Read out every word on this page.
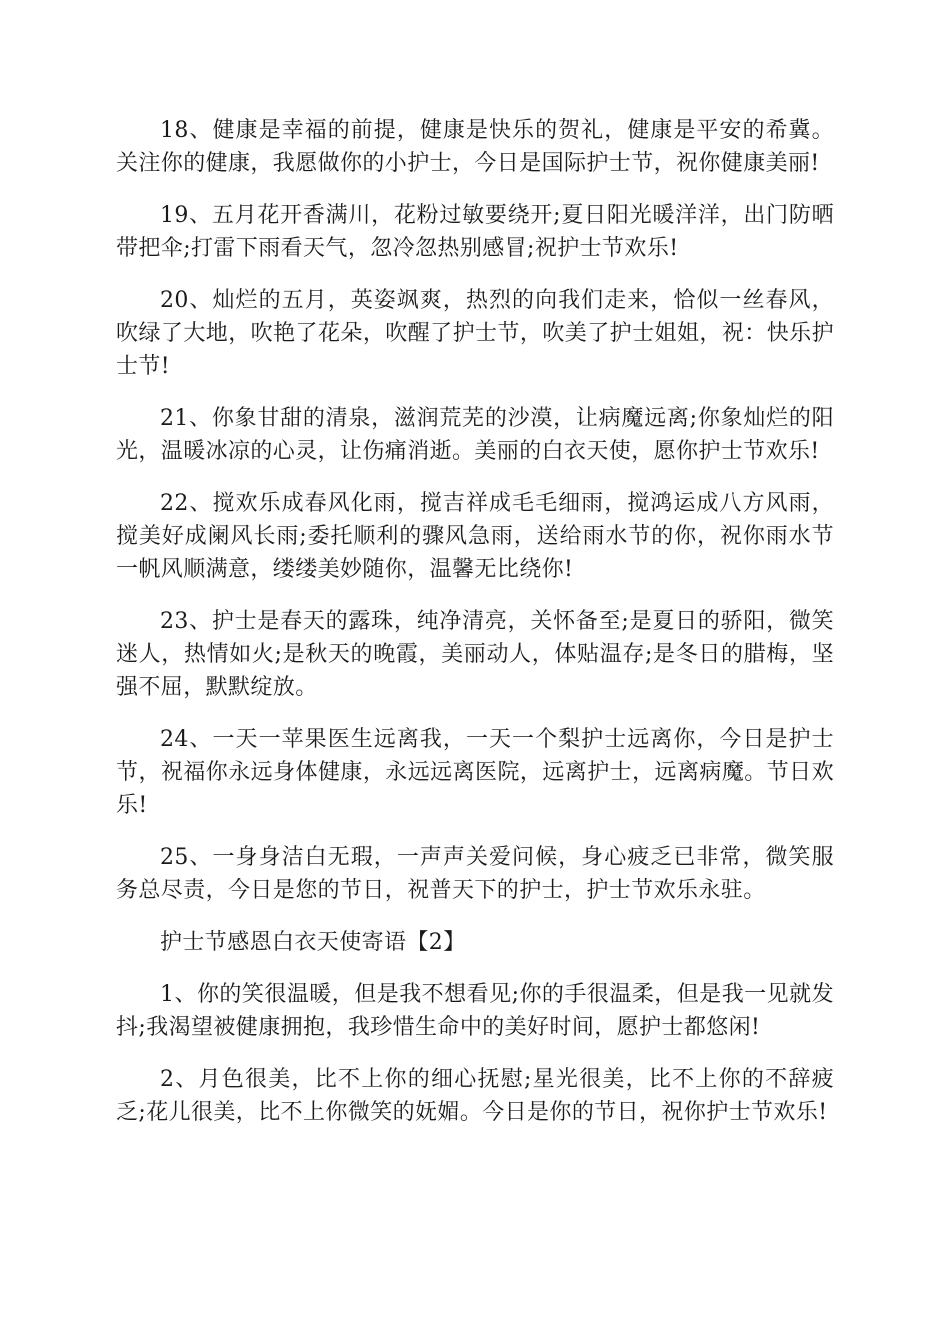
18、健康是幸福的前提，健康是快乐的贺礼，健康是平安的希冀。关注你的健康，我愿做你的小护士，今日是国际护士节，祝你健康美丽!

19、五月花开香满川，花粉过敏要绕开;夏日阳光暖洋洋，出门防晒带把伞;打雷下雨看天气，忽冷忽热别感冒;祝护士节欢乐!

20、灿烂的五月，英姿飒爽，热烈的向我们走来，恰似一丝春风，吹绿了大地，吹艳了花朵，吹醒了护士节，吹美了护士姐姐，祝：快乐护士节!

21、你象甘甜的清泉，滋润荒芜的沙漠，让病魔远离;你象灿烂的阳光，温暖冰凉的心灵，让伤痛消逝。美丽的白衣天使，愿你护士节欢乐!

22、搅欢乐成春风化雨，搅吉祥成毛毛细雨，搅鸿运成八方风雨，搅美好成阑风长雨;委托顺利的骤风急雨，送给雨水节的你，祝你雨水节一帆风顺满意，缕缕美妙随你，温馨无比绕你!

23、护士是春天的露珠，纯净清亮，关怀备至;是夏日的骄阳，微笑迷人，热情如火;是秋天的晚霞，美丽动人，体贴温存;是冬日的腊梅，坚强不屈，默默绽放。

24、一天一苹果医生远离我，一天一个梨护士远离你，今日是护士节，祝福你永远身体健康，永远远离医院，远离护士，远离病魔。节日欢乐!

25、一身身洁白无瑕，一声声关爱问候，身心疲乏已非常，微笑服务总尽责，今日是您的节日，祝普天下的护士，护士节欢乐永驻。

护士节感恩白衣天使寄语【2】

1、你的笑很温暖，但是我不想看见;你的手很温柔，但是我一见就发抖;我渴望被健康拥抱，我珍惜生命中的美好时间，愿护士都悠闲!

2、月色很美，比不上你的细心抚慰;星光很美，比不上你的不辞疲乏;花儿很美，比不上你微笑的妩媚。今日是你的节日，祝你护士节欢乐!
